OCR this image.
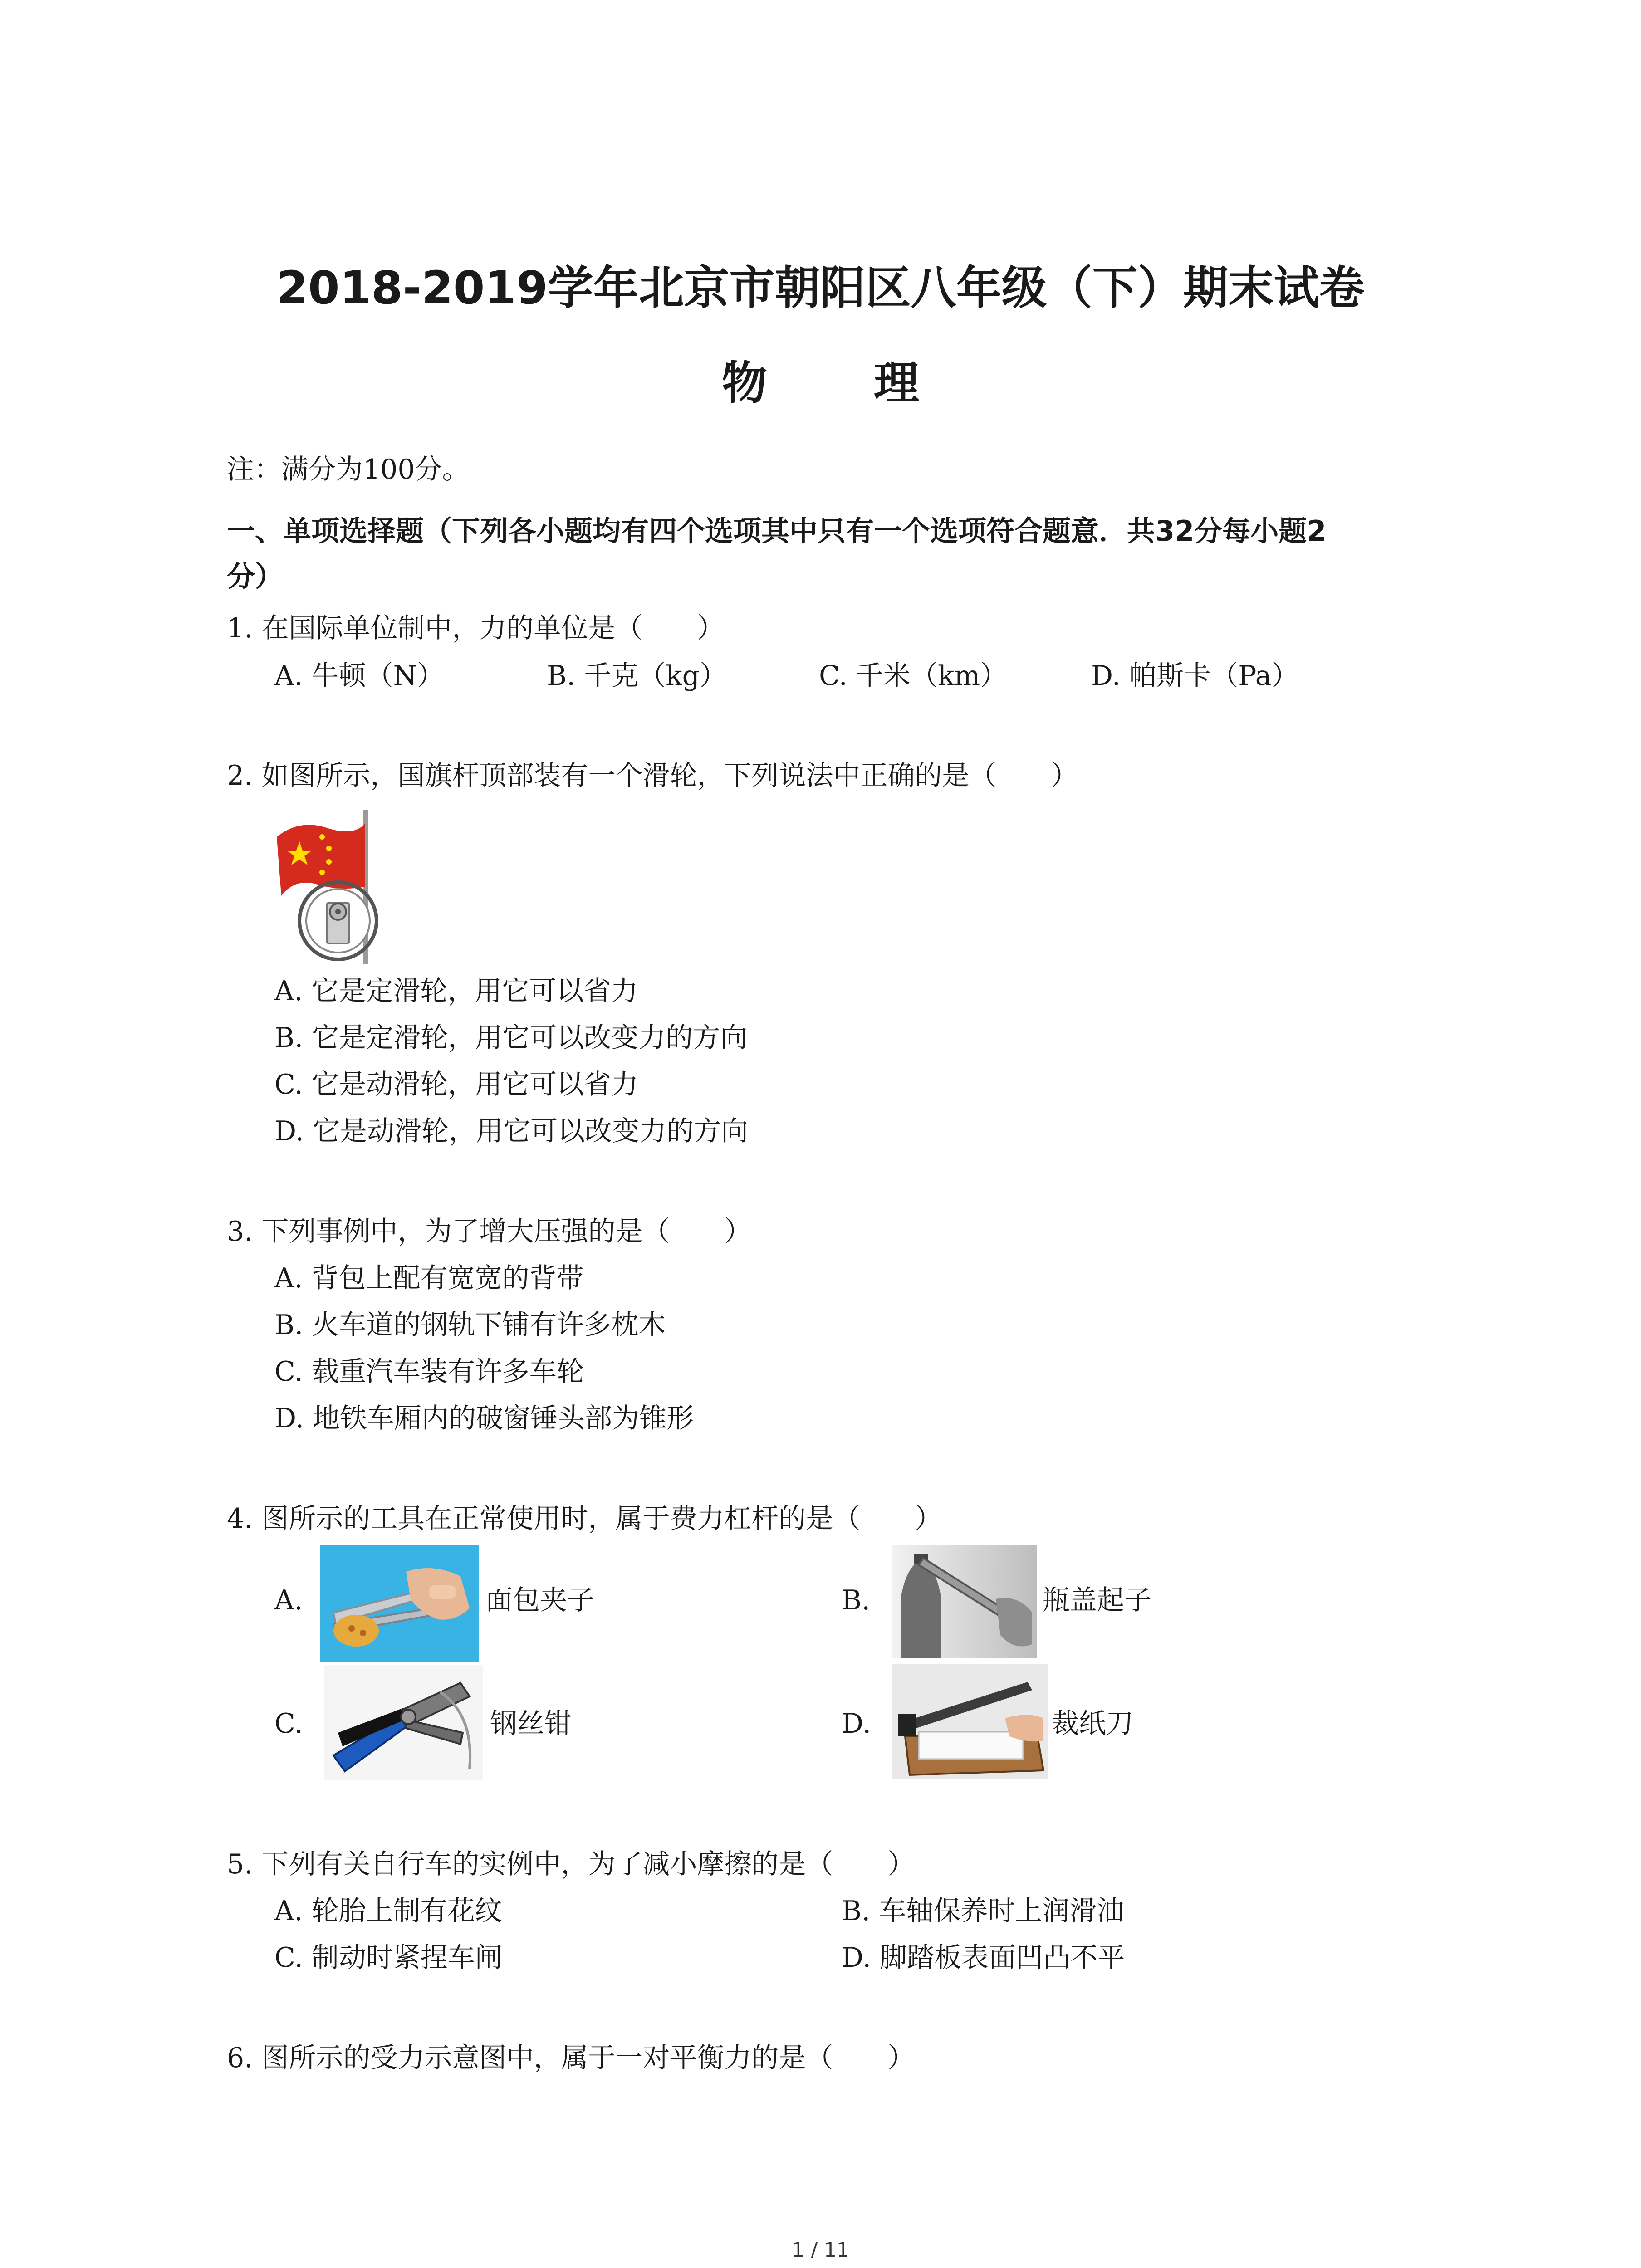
2018-2019学年北京市朝阳区八年级（下）期末试卷
物 理
注：满分为100分。
一、单项选择题（下列各小题均有四个选项其中只有一个选项符合题意．共32分每小题2
分）
1. 在国际单位制中，力的单位是（　　）
A. 牛顿（N）	B. 千克（kg）	C. 千米（km）	D. 帕斯卡（Pa）
2. 如图所示，国旗杆顶部装有一个滑轮，下列说法中正确的是（　　）
A. 它是定滑轮，用它可以省力
B. 它是定滑轮，用它可以改变力的方向
C. 它是动滑轮，用它可以省力
D. 它是动滑轮，用它可以改变力的方向
3. 下列事例中，为了增大压强的是（　　）
A. 背包上配有宽宽的背带
B. 火车道的钢轨下铺有许多枕木
C. 载重汽车装有许多车轮
D. 地铁车厢内的破窗锤头部为锥形
4. 图所示的工具在正常使用时，属于费力杠杆的是（　　）
A.	面包夹子	B.	瓶盖起子
C.	钢丝钳	D.	裁纸刀
5. 下列有关自行车的实例中，为了减小摩擦的是（　　）
A. 轮胎上制有花纹	B. 车轴保养时上润滑油
C. 制动时紧捏车闸	D. 脚踏板表面凹凸不平
6. 图所示的受力示意图中，属于一对平衡力的是（　　）
1 / 11
